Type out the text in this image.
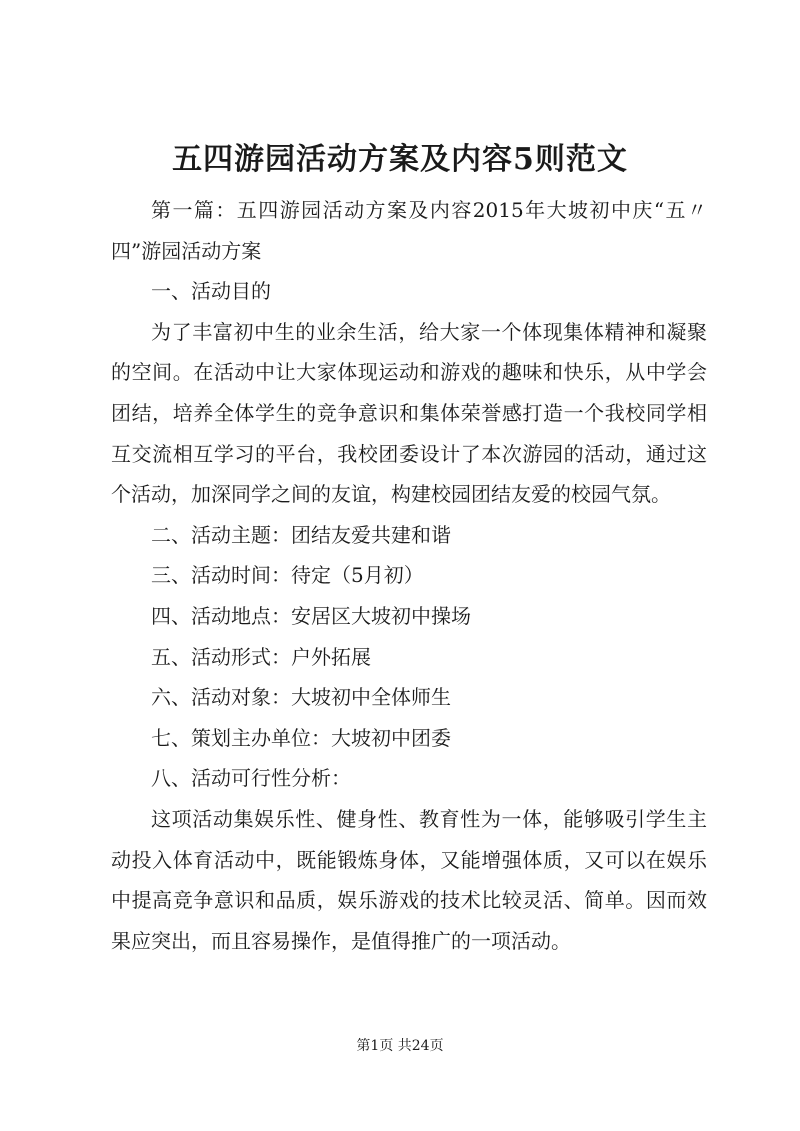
五四游园活动方案及内容5则范文

第一篇：五四游园活动方案及内容2015年大坡初中庆“五〃四”游园活动方案

一、活动目的

为了丰富初中生的业余生活，给大家一个体现集体精神和凝聚的空间。在活动中让大家体现运动和游戏的趣味和快乐，从中学会团结，培养全体学生的竞争意识和集体荣誉感打造一个我校同学相互交流相互学习的平台，我校团委设计了本次游园的活动，通过这个活动，加深同学之间的友谊，构建校园团结友爱的校园气氛。

二、活动主题：团结友爱共建和谐

三、活动时间：待定（5月初）

四、活动地点：安居区大坡初中操场

五、活动形式：户外拓展

六、活动对象：大坡初中全体师生

七、策划主办单位：大坡初中团委

八、活动可行性分析：

这项活动集娱乐性、健身性、教育性为一体，能够吸引学生主动投入体育活动中，既能锻炼身体，又能增强体质，又可以在娱乐中提高竞争意识和品质，娱乐游戏的技术比较灵活、简单。因而效果应突出，而且容易操作，是值得推广的一项活动。

第1页 共24页
